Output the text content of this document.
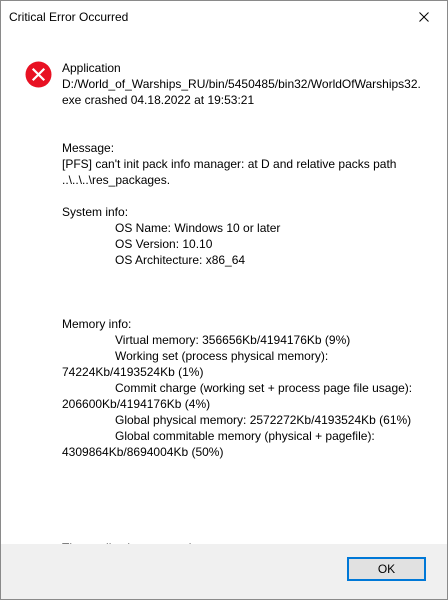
Critical Error Occurred
Application
D:/World_of_Warships_RU/bin/5450485/bin32/WorldOfWarships32.
exe crashed 04.18.2022 at 19:53:21
Message:
[PFS] can't init pack info manager: at D and relative packs path
..\..\..\res_packages.
System info:
OS Name: Windows 10 or later
OS Version: 10.10
OS Architecture: x86_64
Memory info:
Virtual memory: 356656Kb/4194176Kb (9%)
Working set (process physical memory):
74224Kb/4193524Kb (1%)
Commit charge (working set + process page file usage):
206600Kb/4194176Kb (4%)
Global physical memory: 2572272Kb/4193524Kb (61%)
Global commitable memory (physical + pagefile):
4309864Kb/8694004Kb (50%)
OK
